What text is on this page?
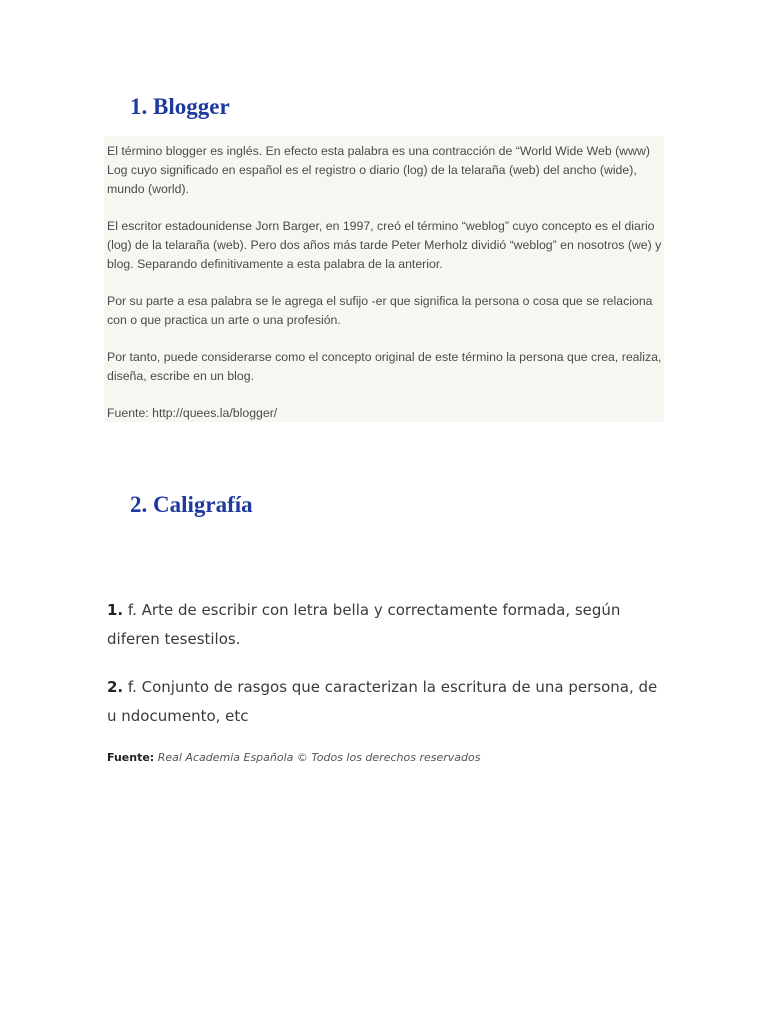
1. Blogger

El término blogger es inglés. En efecto esta palabra es una contracción de “World Wide Web (www) Log cuyo significado en español es el registro o diario (log) de la telaraña (web) del ancho (wide), mundo (world).

El escritor estadounidense Jorn Barger, en 1997, creó el término “weblog” cuyo concepto es el diario (log) de la telaraña (web). Pero dos años más tarde Peter Merholz dividió “weblog” en nosotros (we) y blog. Separando definitivamente a esta palabra de la anterior.

Por su parte a esa palabra se le agrega el sufijo -er que significa la persona o cosa que se relaciona con o que practica un arte o una profesión.

Por tanto, puede considerarse como el concepto original de este término la persona que crea, realiza, diseña, escribe en un blog.

Fuente: http://quees.la/blogger/

2. Caligrafía

1. f. Arte de escribir con letra bella y correctamente formada, según diferen tesestilos.

2. f. Conjunto de rasgos que caracterizan la escritura de una persona, de u ndocumento, etc

Fuente: Real Academia Española © Todos los derechos reservados
